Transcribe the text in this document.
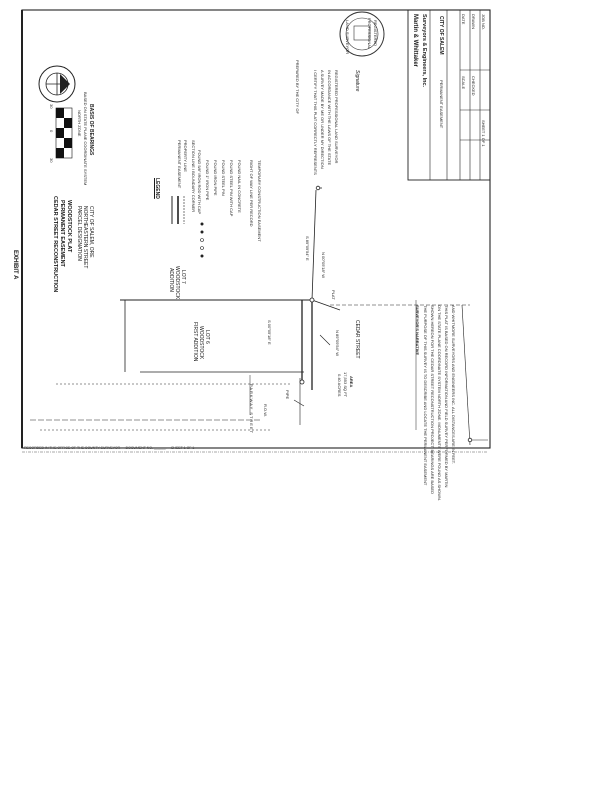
EXHIBIT A
WOODSTOCK PLAT
PERMANENT EASEMENT
CEDAR STREET RECONSTRUCTION	CITY OF SALEM, ORE
NORTHEASTERN STREET
PARCEL DESIGNATION
BASIS OF BEARINGS
BASED ON STATE PLANE COORDINATE SYSTEM
NORTH ZONE
30
0
30
LEGEND
PROPERTY LINE
PERMANENT EASEMENT SECTION LINE / BOUNDARY CORNER FOUND 5/8" IRON ROD WITH CAP FOUND 1" IRON PIPE FOUND IRON PIPE FOUND STEEL PIN FOUND STEEL PIN WITH CAP FOUND NAIL IN CONCRETE RIGHT OF WAY LINE PER RECORD TEMPORARY CONSTRUCTION EASEMENT
LOT 7
WOODSTOCK
ADDITION
LOT 6
WOODSTOCK
FIRST ADDITION	CEDAR STREET
PARKWAY STREET
S 89°09'54" E
N 89°09'54" W
S 00°05'18" E
N 00°05'18" W
PIPE
PLAT
AREA
17,553 SQ FT
0.40 ACRES
R.O.W.
SURVEYOR'S NARRATIVE THE PURPOSE OF THIS SURVEY IS TO DESCRIBE AND LOCATE THE PERMANENT EASEMENT SHOWN HEREON FOR THE CEDAR STREET RECONSTRUCTION PROJECT. BEARINGS ARE BASED ON THE STATE PLANE COORDINATE SYSTEM NORTH ZONE. MONUMENTS WERE FOUND AS SHOWN. THIS PLAT IS BASED ON RECORD INFORMATION AND FIELD SURVEY PERFORMED BY MARTIN AND WHITMORE SURVEYORS AND ENGINEERS INC. ALL DISTANCES ARE IN FEET.
I CERTIFY THAT THIS PLAT CORRECTLY REPRESENTS A SURVEY MADE BY ME OR UNDER MY DIRECTION IN ACCORDANCE WITH THE LAWS OF THE STATE REGISTERED PROFESSIONAL LAND SURVEYOR
PREPARED BY THE CITY OF	Signature
Martin & Whittaker Surveyors & Engineers, Inc. CITY OF SALEM
PERMANENT EASEMENT
DATE
SCALE
DRAWN
CHECKED
JOB NO.
SHEET 1 OF 1
REGISTERED
PROFESSIONAL
LAND SURVEYOR
RECORDED IN THE OFFICE OF THE COUNTY SURVEYOR — DOCUMENT NO. ______ — SHEET 1 OF 1
